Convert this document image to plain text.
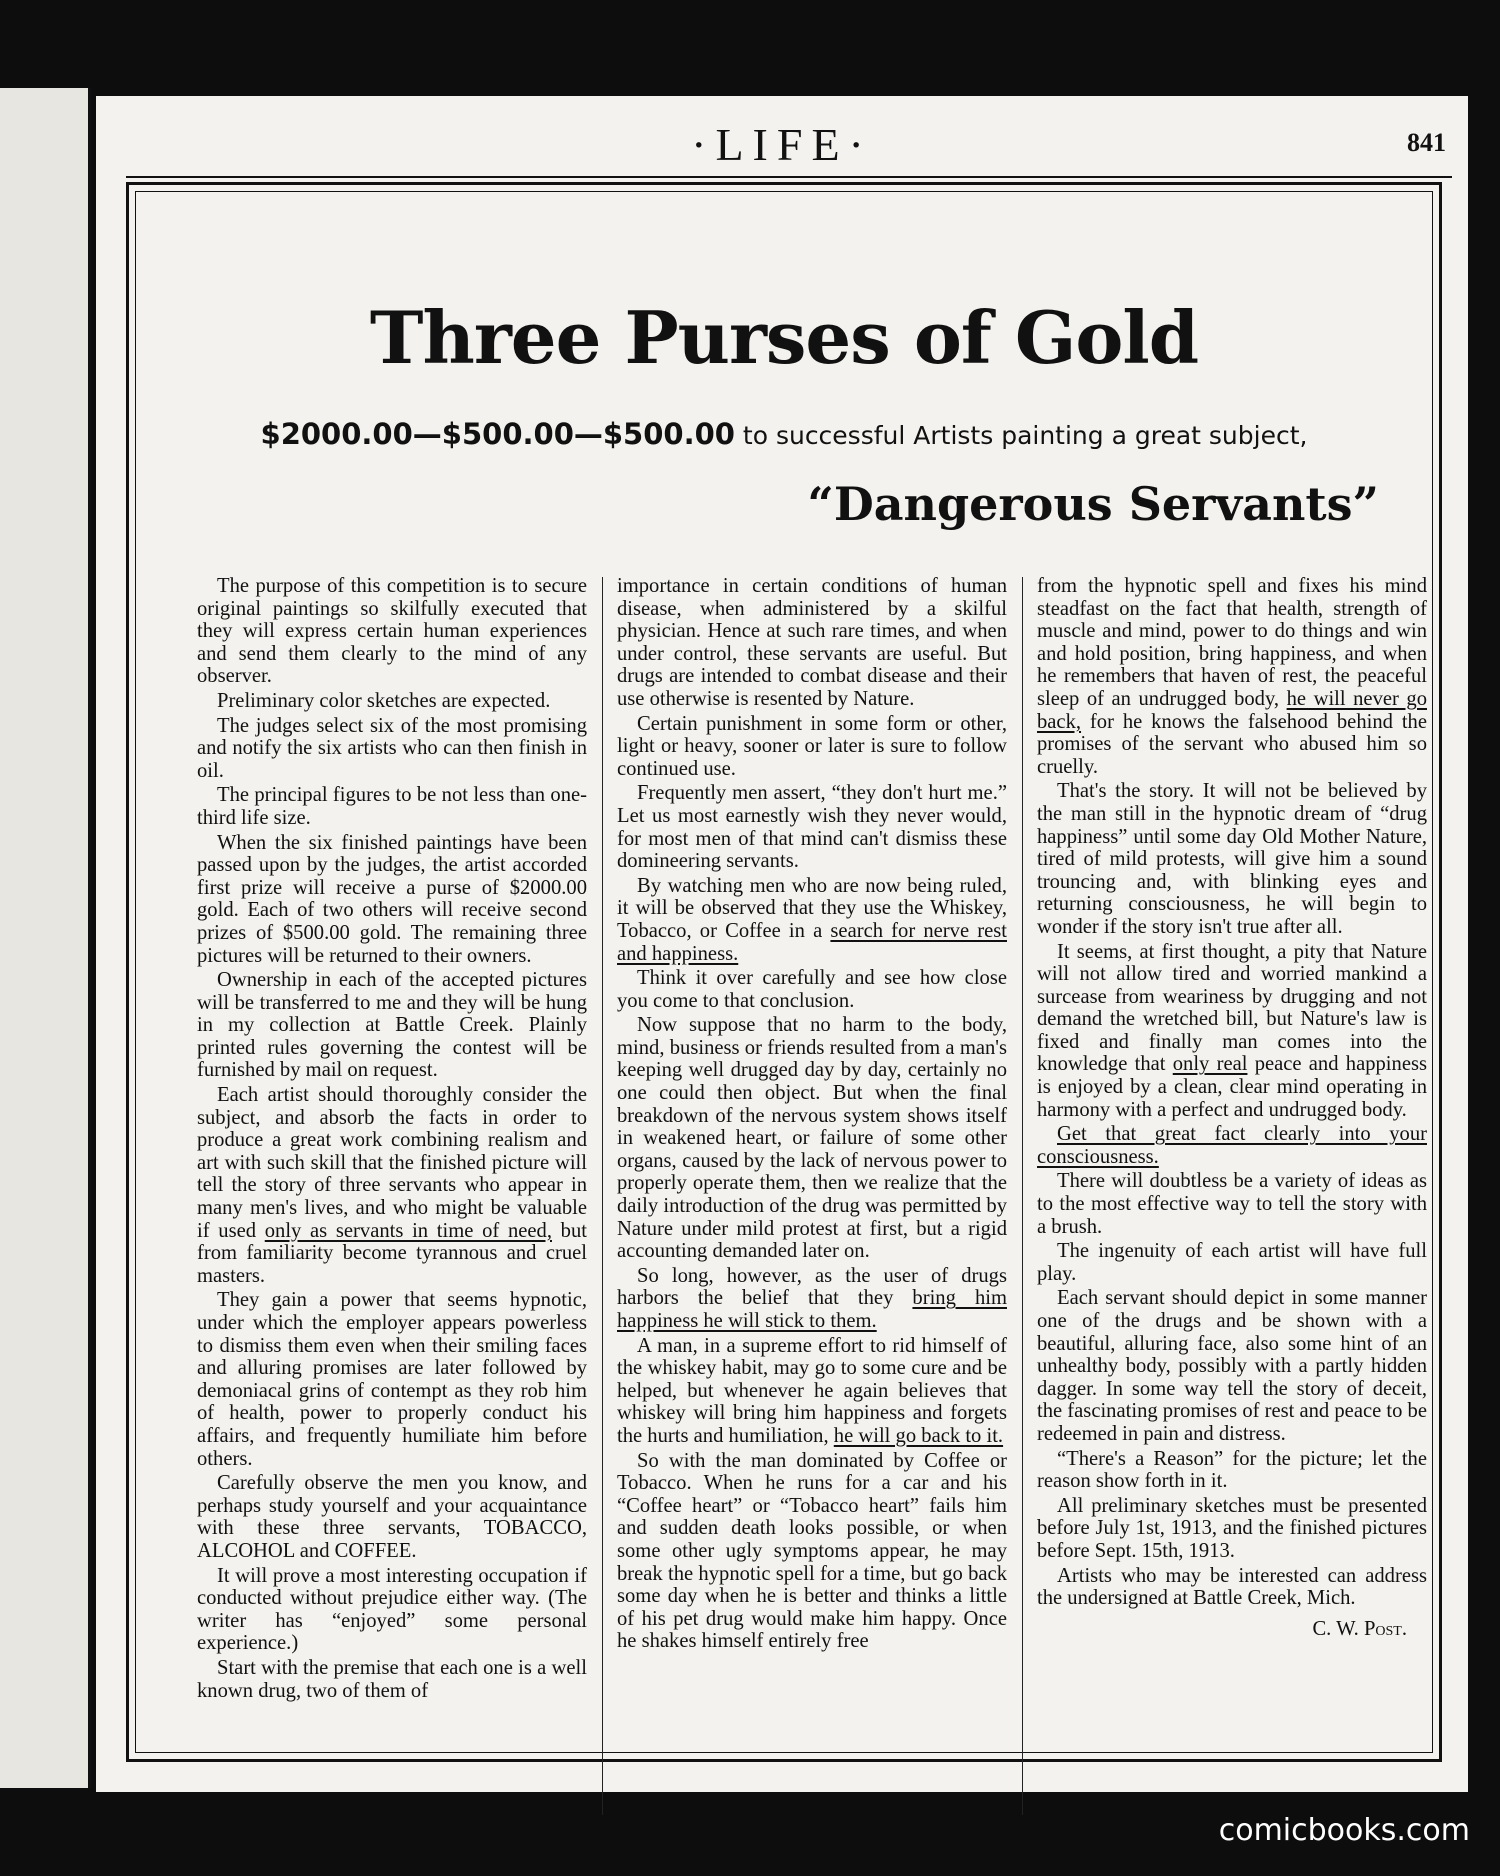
·LIFE·	841
Three Purses of Gold
$2000.00—$500.00—$500.00 to successful Artists painting a great subject,
“Dangerous Servants”

The purpose of this competition is to secure original paintings so skilfully executed that they will express certain human experiences and send them clearly to the mind of any observer.

Preliminary color sketches are expected.

The judges select six of the most promising and notify the six artists who can then finish in oil.

The principal figures to be not less than one-third life size.

When the six finished paintings have been passed upon by the judges, the artist accorded first prize will receive a purse of $2000.00 gold. Each of two others will receive second prizes of $500.00 gold. The remaining three pictures will be returned to their owners.

Ownership in each of the accepted pictures will be transferred to me and they will be hung in my collection at Battle Creek. Plainly printed rules governing the contest will be furnished by mail on request.

Each artist should thoroughly consider the subject, and absorb the facts in order to produce a great work combining realism and art with such skill that the finished picture will tell the story of three servants who appear in many men's lives, and who might be valuable if used only as servants in time of need, but from familiarity become tyrannous and cruel masters.

They gain a power that seems hypnotic, under which the employer appears powerless to dismiss them even when their smiling faces and alluring promises are later followed by demoniacal grins of contempt as they rob him of health, power to properly conduct his affairs, and frequently humiliate him before others.

Carefully observe the men you know, and perhaps study yourself and your acquaintance with these three servants, TOBACCO, ALCOHOL and COFFEE.

It will prove a most interesting occupation if conducted without prejudice either way. (The writer has “enjoyed” some personal experience.)

Start with the premise that each one is a well known drug, two of them of

importance in certain conditions of human disease, when administered by a skilful physician. Hence at such rare times, and when under control, these servants are useful. But drugs are intended to combat disease and their use otherwise is resented by Nature.

Certain punishment in some form or other, light or heavy, sooner or later is sure to follow continued use.

Frequently men assert, “they don't hurt me.” Let us most earnestly wish they never would, for most men of that mind can't dismiss these domineering servants.

By watching men who are now being ruled, it will be observed that they use the Whiskey, Tobacco, or Coffee in a search for nerve rest and happiness.

Think it over carefully and see how close you come to that conclusion.

Now suppose that no harm to the body, mind, business or friends resulted from a man's keeping well drugged day by day, certainly no one could then object. But when the final breakdown of the nervous system shows itself in weakened heart, or failure of some other organs, caused by the lack of nervous power to properly operate them, then we realize that the daily introduction of the drug was permitted by Nature under mild protest at first, but a rigid accounting demanded later on.

So long, however, as the user of drugs harbors the belief that they bring him happiness he will stick to them.

A man, in a supreme effort to rid himself of the whiskey habit, may go to some cure and be helped, but whenever he again believes that whiskey will bring him happiness and forgets the hurts and humiliation, he will go back to it.

So with the man dominated by Coffee or Tobacco. When he runs for a car and his “Coffee heart” or “Tobacco heart” fails him and sudden death looks possible, or when some other ugly symptoms appear, he may break the hypnotic spell for a time, but go back some day when he is better and thinks a little of his pet drug would make him happy. Once he shakes himself entirely free

from the hypnotic spell and fixes his mind steadfast on the fact that health, strength of muscle and mind, power to do things and win and hold position, bring happiness, and when he remembers that haven of rest, the peaceful sleep of an undrugged body, he will never go back, for he knows the falsehood behind the promises of the servant who abused him so cruelly.

That's the story. It will not be believed by the man still in the hypnotic dream of “drug happiness” until some day Old Mother Nature, tired of mild protests, will give him a sound trouncing and, with blinking eyes and returning consciousness, he will begin to wonder if the story isn't true after all.

It seems, at first thought, a pity that Nature will not allow tired and worried mankind a surcease from weariness by drugging and not demand the wretched bill, but Nature's law is fixed and finally man comes into the knowledge that only real peace and happiness is enjoyed by a clean, clear mind operating in harmony with a perfect and undrugged body.

Get that great fact clearly into your consciousness.

There will doubtless be a variety of ideas as to the most effective way to tell the story with a brush.

The ingenuity of each artist will have full play.

Each servant should depict in some manner one of the drugs and be shown with a beautiful, alluring face, also some hint of an unhealthy body, possibly with a partly hidden dagger. In some way tell the story of deceit, the fascinating promises of rest and peace to be redeemed in pain and distress.

“There's a Reason” for the picture; let the reason show forth in it.

All preliminary sketches must be presented before July 1st, 1913, and the finished pictures before Sept. 15th, 1913.

Artists who may be interested can address the undersigned at Battle Creek, Mich.

C. W. Post.

comicbooks.com
